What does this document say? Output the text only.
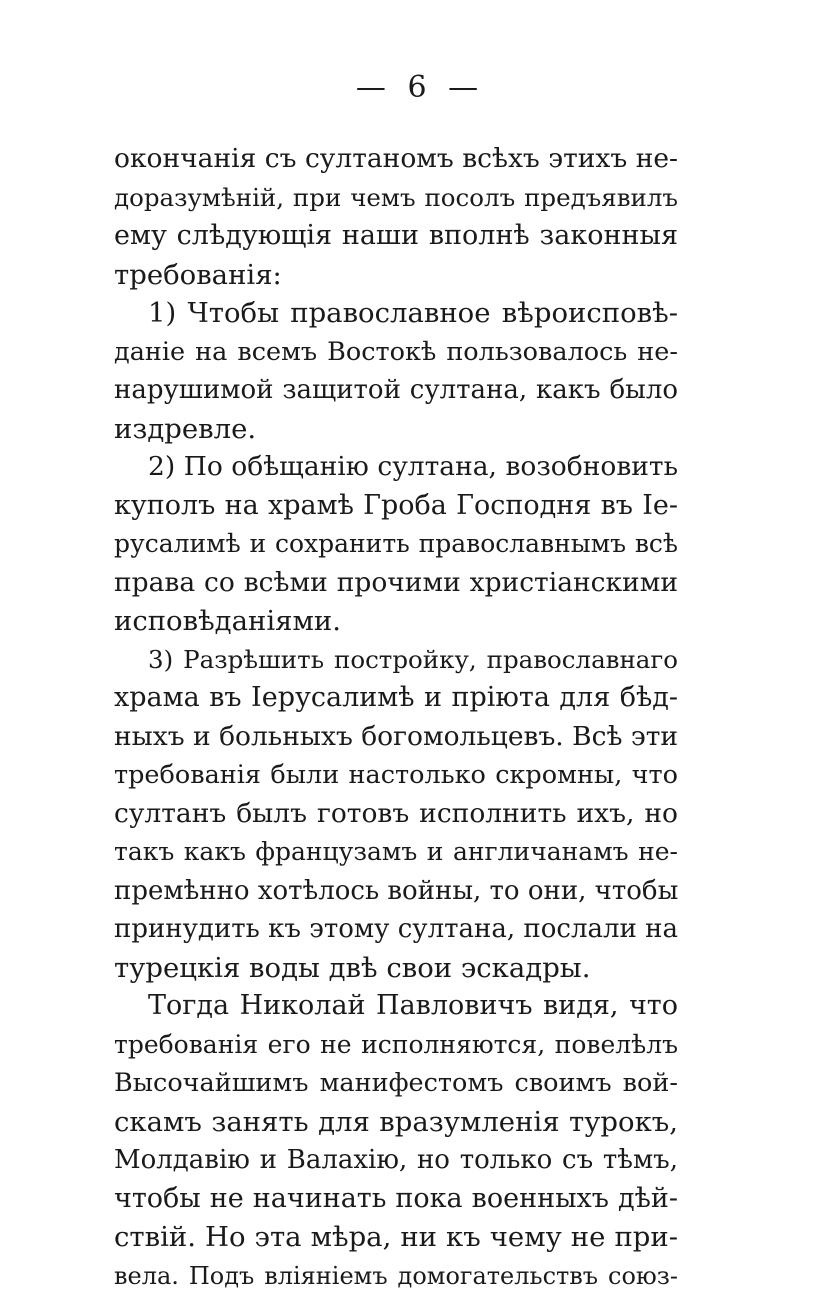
— 6 —
окончанія съ султаномъ всѣхъ этихъ не-
доразумѣній, при чемъ посолъ предъявилъ
ему слѣдующія наши вполнѣ законныя
требованія:
1) Чтобы православное вѣроисповѣ-
даніе на всемъ Востокѣ пользовалось не-
нарушимой защитой султана, какъ было
издревле.
2) По обѣщанію султана, возобновить
куполъ на храмѣ Гроба Господня въ Іе-
русалимѣ и сохранить православнымъ всѣ
права со всѣми прочими христіанскими
исповѣданіями.
3) Разрѣшить постройку, православнаго
храма въ Іерусалимѣ и пріюта для бѣд-
ныхъ и больныхъ богомольцевъ. Всѣ эти
требованія были настолько скромны, что
султанъ былъ готовъ исполнить ихъ, но
такъ какъ французамъ и англичанамъ не-
премѣнно хотѣлось войны, то они, чтобы
принудить къ этому султана, послали на
турецкія воды двѣ свои эскадры.
Тогда Николай Павловичъ видя, что
требованія его не исполняются, повелѣлъ
Высочайшимъ манифестомъ своимъ вой-
скамъ занять для вразумленія турокъ,
Молдавію и Валахію, но только съ тѣмъ,
чтобы не начинать пока военныхъ дѣй-
ствій. Но эта мѣра, ни къ чему не при-
вела. Подъ вліяніемъ домогательствъ союз-
